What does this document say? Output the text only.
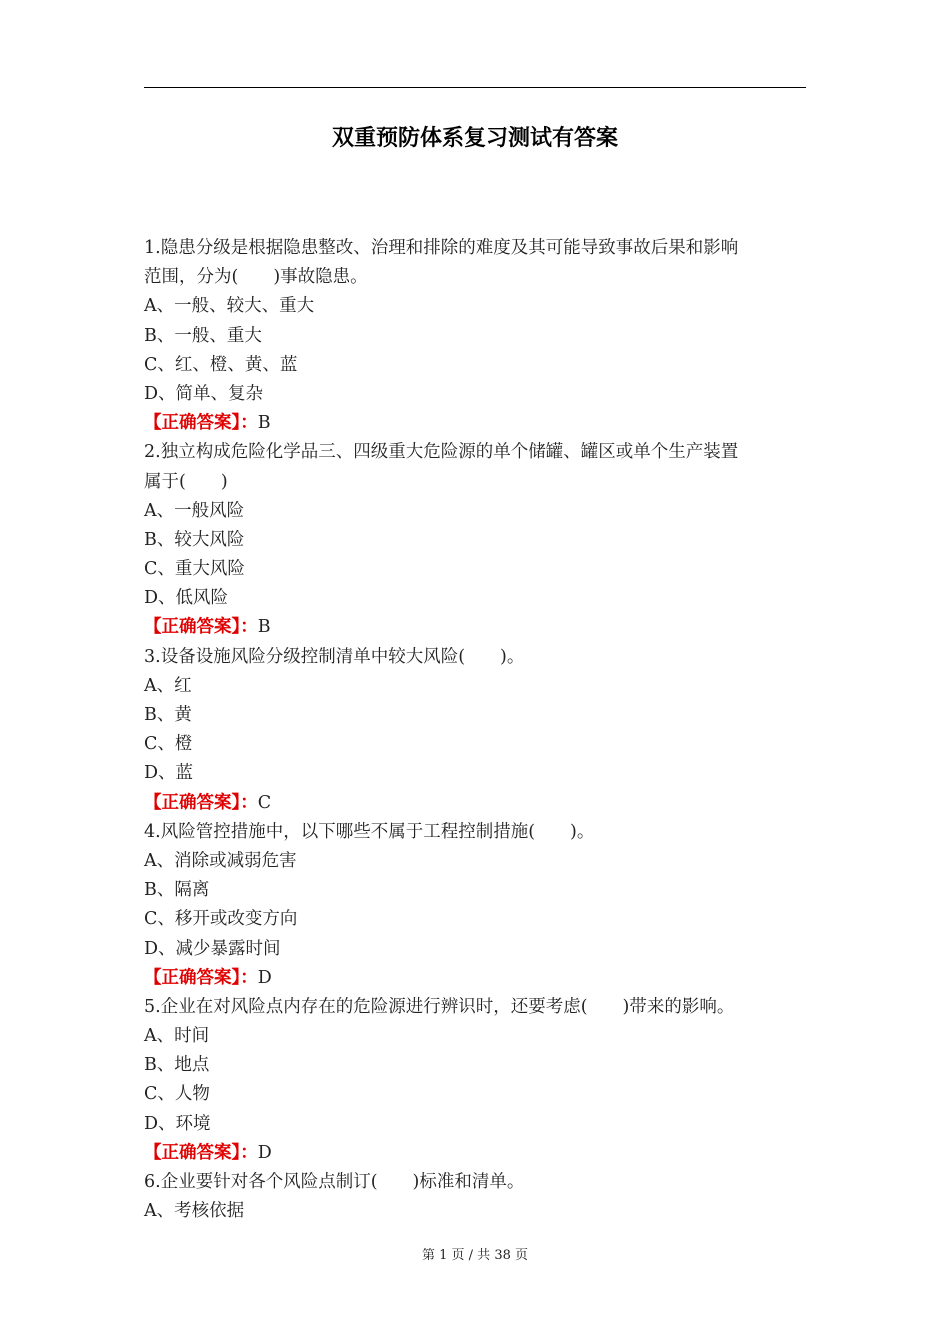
双重预防体系复习测试有答案
1.隐患分级是根据隐患整改、治理和排除的难度及其可能导致事故后果和影响
范围，分为(　　)事故隐患。
A、一般、较大、重大
B、一般、重大
C、红、橙、黄、蓝
D、简单、复杂
【正确答案】：B
2.独立构成危险化学品三、四级重大危险源的单个储罐、罐区或单个生产装置
属于(　　)
A、一般风险
B、较大风险
C、重大风险
D、低风险
【正确答案】：B
3.设备设施风险分级控制清单中较大风险(　　)。
A、红
B、黄
C、橙
D、蓝
【正确答案】：C
4.风险管控措施中，以下哪些不属于工程控制措施(　　)。
A、消除或减弱危害
B、隔离
C、移开或改变方向
D、减少暴露时间
【正确答案】：D
5.企业在对风险点内存在的危险源进行辨识时，还要考虑(　　)带来的影响。
A、时间
B、地点
C、人物
D、环境
【正确答案】：D
6.企业要针对各个风险点制订(　　)标准和清单。
A、考核依据
第 1 页 / 共 38 页
